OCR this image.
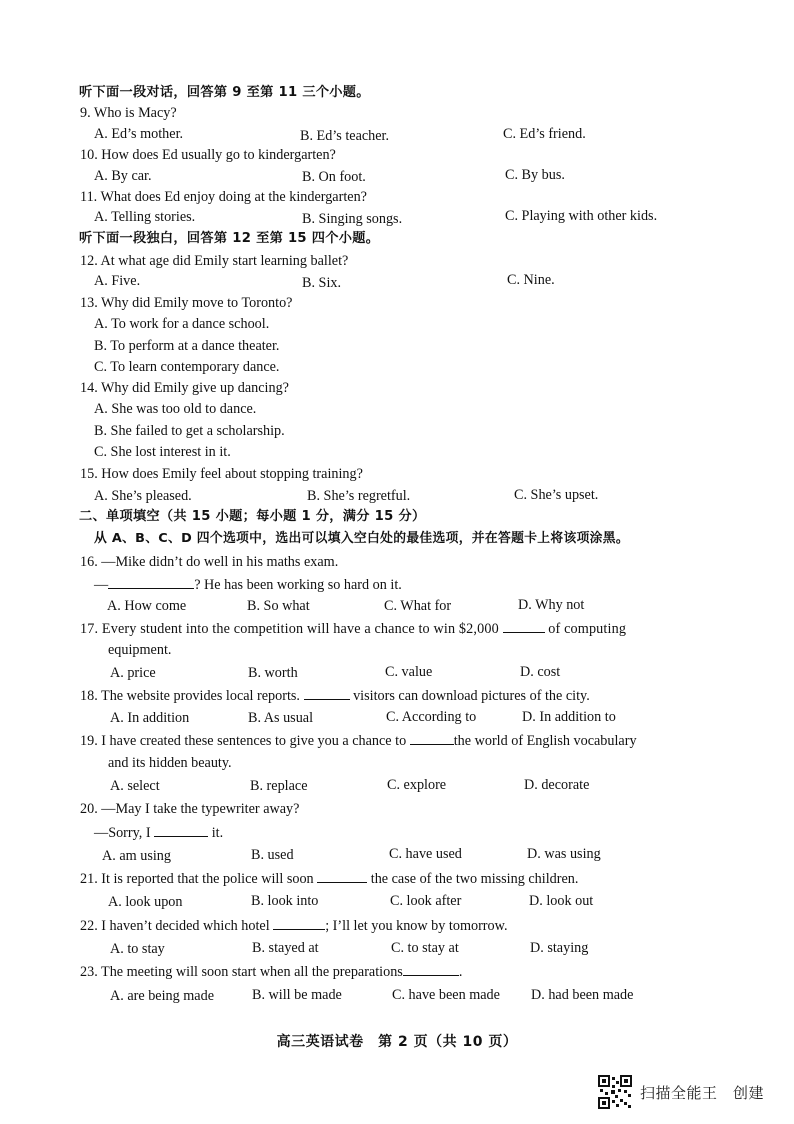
听下面一段对话，回答第 9 至第 11 三个小题。
9. Who is Macy?
A. Ed’s mother.	B. Ed’s teacher.	C. Ed’s friend.
10. How does Ed usually go to kindergarten?
A. By car.	B. On foot.	C. By bus.
11. What does Ed enjoy doing at the kindergarten?
A. Telling stories.	B. Singing songs.	C. Playing with other kids.
听下面一段独白，回答第 12 至第 15 四个小题。
12. At what age did Emily start learning ballet?
A. Five.	B. Six.	C. Nine.
13. Why did Emily move to Toronto?
A. To work for a dance school.
B. To perform at a dance theater.
C. To learn contemporary dance.
14. Why did Emily give up dancing?
A. She was too old to dance.
B. She failed to get a scholarship.
C. She lost interest in it.
15. How does Emily feel about stopping training?
A. She’s pleased.	B. She’s regretful.	C. She’s upset.
二、单项填空（共 15 小题；每小题 1 分，满分 15 分）
从 A、B、C、D 四个选项中，选出可以填入空白处的最佳选项，并在答题卡上将该项涂黑。
16. —Mike didn’t do well in his maths exam.
—	? He has been working so hard on it.
A. How come	B. So what	C. What for	D. Why not
17. Every student into the competition will have a chance to win $2,000	of computing
equipment.
A. price	B. worth	C. value	D. cost
18. The website provides local reports.	visitors can download pictures of the city.
A. In addition	B. As usual	C. According to	D. In addition to
19. I have created these sentences to give you a chance to	the world of English vocabulary
and its hidden beauty.
A. select	B. replace	C. explore	D. decorate
20. —May I take the typewriter away?
—Sorry, I	it.
A. am using	B. used	C. have used	D. was using
21. It is reported that the police will soon	the case of the two missing children.
A. look upon	B. look into	C. look after	D. look out
22. I haven’t decided which hotel	; I’ll let you know by tomorrow.
A. to stay	B. stayed at	C. to stay at	D. staying
23. The meeting will soon start when all the preparations	.
A. are being made	B. will be made	C. have been made D. had been made
高三英语试卷　第 2 页（共 10 页）
扫描全能王　创建
